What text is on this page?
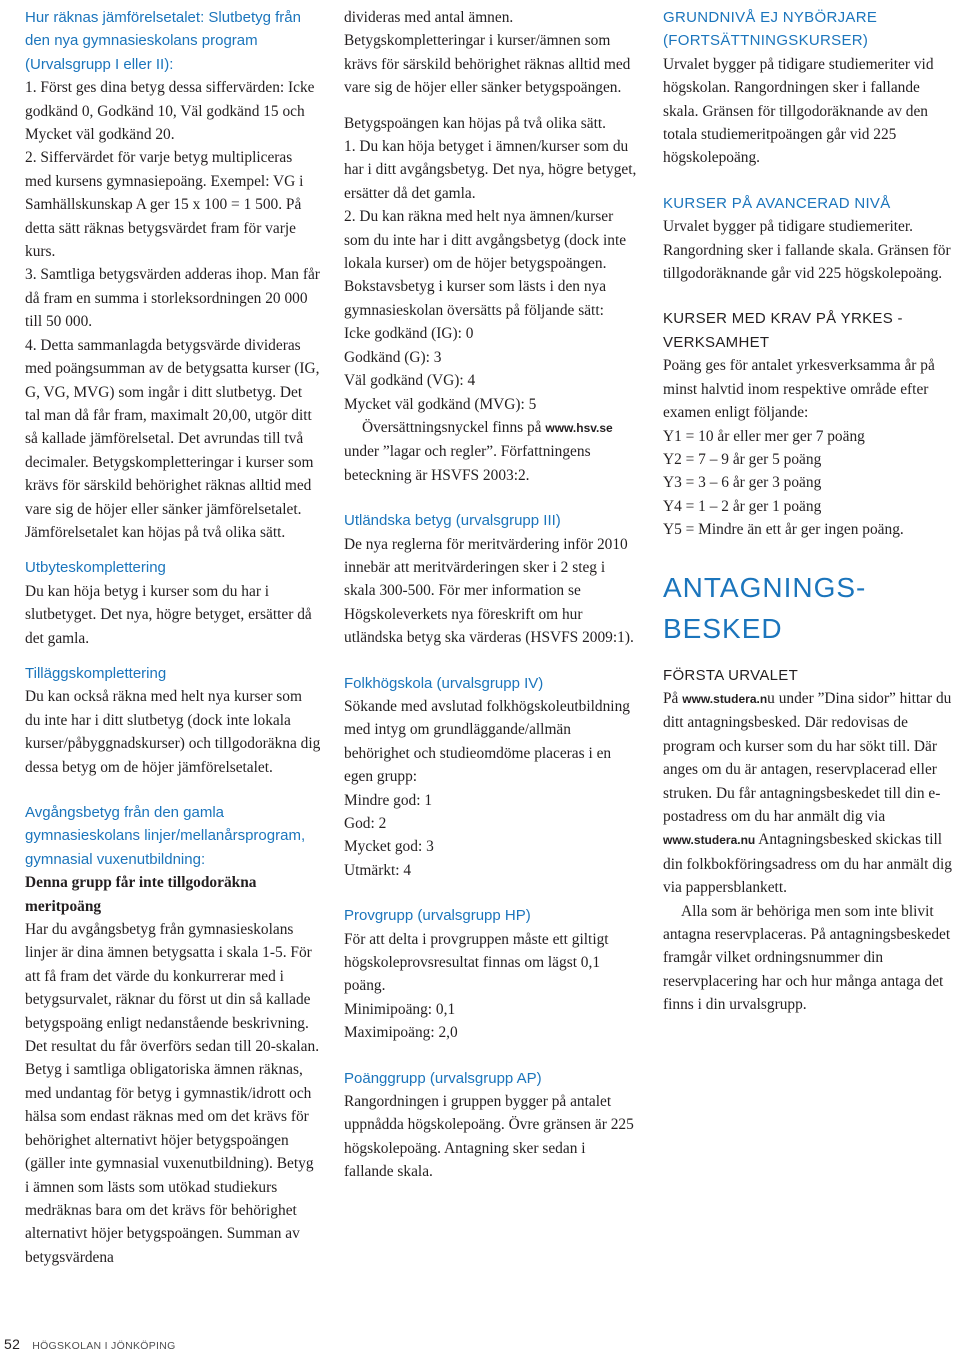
Hur räknas jämförelsetalet: Slutbetyg från den nya gymnasieskolans program (Urvalsgrupp I eller II):

1. Först ges dina betyg dessa siffervärden: Icke godkänd 0, Godkänd 10, Väl godkänd 15 och Mycket väl godkänd 20.

2. Siffervärdet för varje betyg multipliceras med kursens gymnasiepoäng. Exempel: VG i Samhällskunskap A ger 15 x 100 = 1 500. På detta sätt räknas betygsvärdet fram för varje kurs.

3. Samtliga betygsvärden adderas ihop. Man får då fram en summa i storleksordningen 20 000 till 50 000.

4. Detta sammanlagda betygsvärde divideras med poängsumman av de betygsatta kurser (IG, G, VG, MVG) som ingår i ditt slutbetyg. Det tal man då får fram, maximalt 20,00, utgör ditt så kallade jämförelsetal. Det avrundas till två decimaler. Betygskompletteringar i kurser som krävs för särskild behörighet räknas alltid med vare sig de höjer eller sänker jämförelsetalet. Jämförelsetalet kan höjas på två olika sätt.

Utbyteskomplettering

Du kan höja betyg i kurser som du har i slutbetyget. Det nya, högre betyget, ersätter då det gamla.

Tilläggskomplettering

Du kan också räkna med helt nya kurser som du inte har i ditt slutbetyg (dock inte lokala kurser/påbyggnadskurser) och tillgodoräkna dig dessa betyg om de höjer jämförelsetalet.

Avgångsbetyg från den gamla gymnasieskolans linjer/mellanårsprogram, gymnasial vuxenutbildning:

Denna grupp får inte tillgodoräkna meritpoäng

Har du avgångsbetyg från gymnasieskolans linjer är dina ämnen betygsatta i skala 1-5. För att få fram det värde du konkurrerar med i betygsurvalet, räknar du först ut din så kallade betygspoäng enligt nedanstående beskrivning. Det resultat du får överförs sedan till 20-skalan. Betyg i samtliga obligatoriska ämnen räknas, med undantag för betyg i gymnastik/idrott och hälsa som endast räknas med om det krävs för behörighet alternativt höjer betygspoängen (gäller inte gymnasial vuxenutbildning). Betyg i ämnen som lästs som utökad studiekurs medräknas bara om det krävs för behörighet alternativt höjer betygspoängen. Summan av betygsvärdena

divideras med antal ämnen. Betygskompletteringar i kurser/ämnen som krävs för särskild behörighet räknas alltid med vare sig de höjer eller sänker betygspoängen.

Betygspoängen kan höjas på två olika sätt.

1. Du kan höja betyget i ämnen/kurser som du har i ditt avgångsbetyg. Det nya, högre betyget, ersätter då det gamla.

2. Du kan räkna med helt nya ämnen/kurser som du inte har i ditt avgångsbetyg (dock inte lokala kurser) om de höjer betygspoängen.

Bokstavsbetyg i kurser som lästs i den nya gymnasieskolan översätts på följande sätt:

Icke godkänd (IG): 0

Godkänd (G): 3

Väl godkänd (VG): 4

Mycket väl godkänd (MVG): 5

Översättningsnyckel finns på www.hsv.se under ”lagar och regler”. Författningens beteckning är HSVFS 2003:2.

Utländska betyg (urvalsgrupp III)

De nya reglerna för meritvärdering inför 2010 innebär att meritvärderingen sker i 2 steg i skala 300-500. För mer information se Högskoleverkets nya föreskrift om hur utländska betyg ska värderas (HSVFS 2009:1).

Folkhögskola (urvalsgrupp IV)

Sökande med avslutad folkhögskoleutbildning med intyg om grundläggande/allmän behörighet och studieomdöme placeras i en egen grupp:

Mindre god: 1

God: 2

Mycket god: 3

Utmärkt: 4

Provgrupp (urvalsgrupp HP)

För att delta i provgruppen måste ett giltigt högskoleprovsresultat finnas om lägst 0,1 poäng.

Minimipoäng: 0,1

Maximipoäng: 2,0

Poänggrupp (urvalsgrupp AP)

Rangordningen i gruppen bygger på antalet uppnådda högskolepoäng. Övre gränsen är 225 högskolepoäng. Antagning sker sedan i fallande skala.

GRUNDNIVÅ EJ NYBÖRJARE (FORTSÄTTNINGSKURSER)

Urvalet bygger på tidigare studiemeriter vid högskolan. Rangordningen sker i fallande skala. Gränsen för tillgodoräknande av den totala studiemeritpoängen går vid 225 högskolepoäng.

KURSER PÅ AVANCERAD NIVÅ

Urvalet bygger på tidigare studiemeriter. Rangordning sker i fallande skala. Gränsen för tillgodoräknande går vid 225 högskolepoäng.

KURSER MED KRAV PÅ YRKES - VERKSAMHET

Poäng ges för antalet yrkesverksamma år på minst halvtid inom respektive område efter examen enligt följande:

Y1 = 10 år eller mer ger 7 poäng

Y2 = 7 – 9 år ger 5 poäng

Y3 = 3 – 6 år ger 3 poäng

Y4 = 1 – 2 år ger 1 poäng

Y5 = Mindre än ett år ger ingen poäng.

ANTAGNINGS-

BESKED

FÖRSTA URVALET

På www.studera.nu under ”Dina sidor” hittar du ditt antagningsbesked. Där redovisas de program och kurser som du har sökt till. Där anges om du är antagen, reservplacerad eller struken. Du får antagningsbeskedet till din e-postadress om du har anmält dig via www.studera.nu Antagningsbesked skickas till din folkbokföringsadress om du har anmält dig via pappersblankett.

Alla som är behöriga men som inte blivit antagna reservplaceras. På antagningsbeskedet framgår vilket ordningsnummer din reservplacering har och hur många antaga det finns i din urvalsgrupp.

52 HÖGSKOLAN I JÖNKÖPING
